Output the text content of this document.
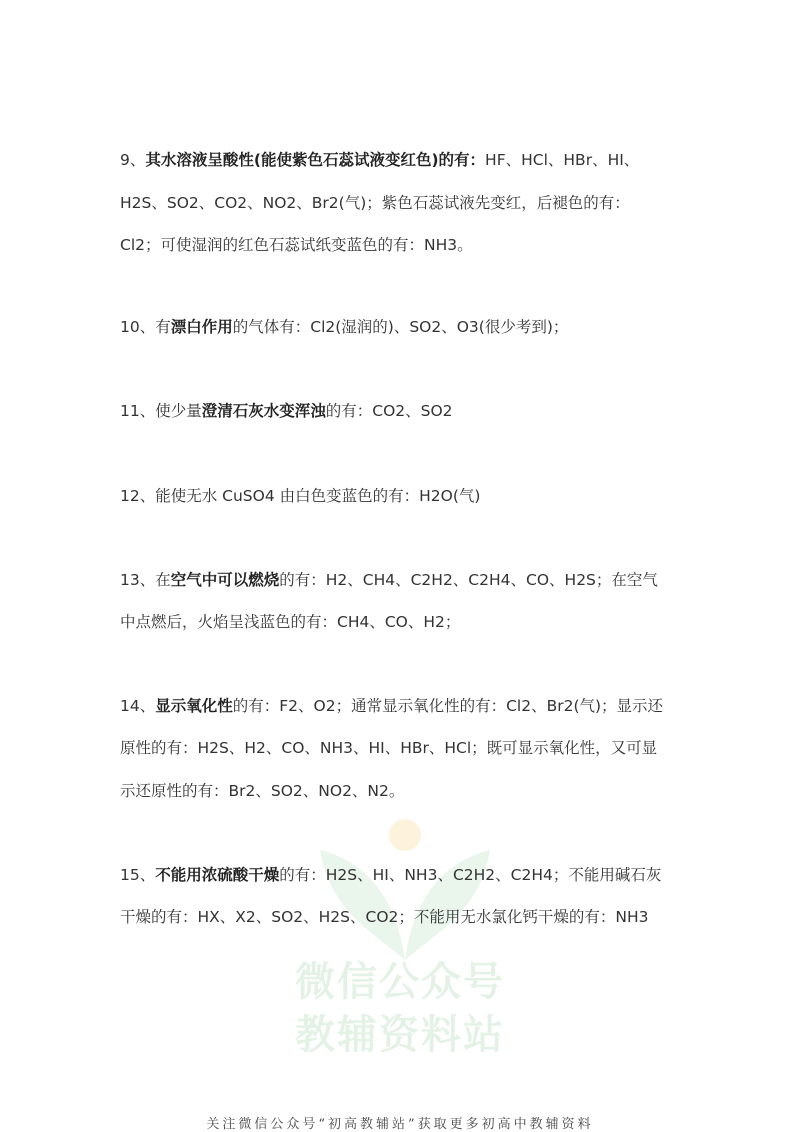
微信公众号
教辅资料站
9、其水溶液呈酸性(能使紫色石蕊试液变红色)的有：HF、HCl、HBr、HI、
H2S、SO2、CO2、NO2、Br2(气)；紫色石蕊试液先变红，后褪色的有：
Cl2；可使湿润的红色石蕊试纸变蓝色的有：NH3。
10、有漂白作用的气体有：Cl2(湿润的)、SO2、O3(很少考到)；
11、使少量澄清石灰水变浑浊的有：CO2、SO2
12、能使无水 CuSO4 由白色变蓝色的有：H2O(气)
13、在空气中可以燃烧的有：H2、CH4、C2H2、C2H4、CO、H2S；在空气
中点燃后，火焰呈浅蓝色的有：CH4、CO、H2；
14、显示氧化性的有：F2、O2；通常显示氧化性的有：Cl2、Br2(气)；显示还
原性的有：H2S、H2、CO、NH3、HI、HBr、HCl；既可显示氧化性，又可显
示还原性的有：Br2、SO2、NO2、N2。
15、不能用浓硫酸干燥的有：H2S、HI、NH3、C2H2、C2H4；不能用碱石灰
干燥的有：HX、X2、SO2、H2S、CO2；不能用无水氯化钙干燥的有：NH3
关注微信公众号“初高教辅站”获取更多初高中教辅资料
